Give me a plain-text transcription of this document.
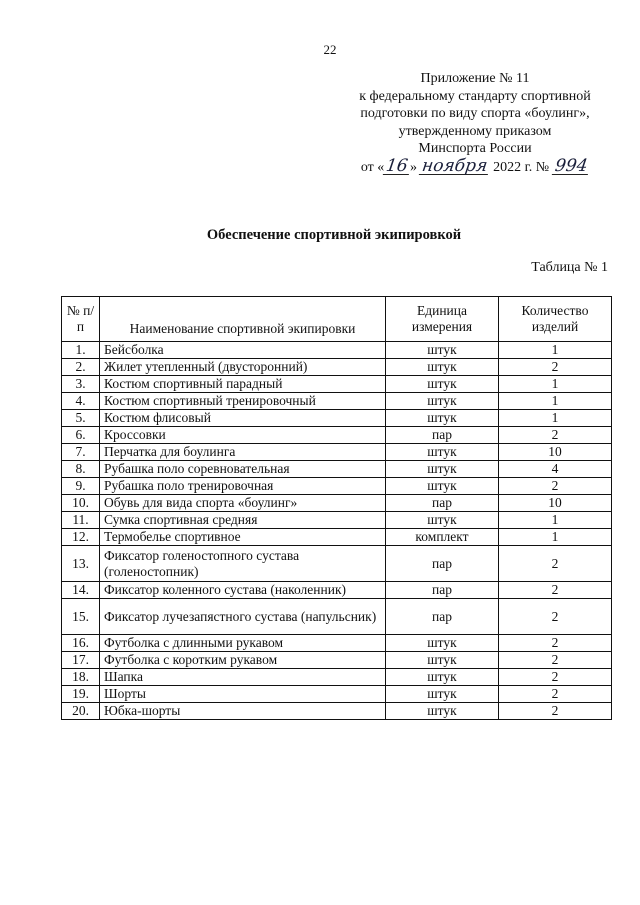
22
Приложение № 11
к федеральному стандарту спортивной
подготовки по виду спорта «боулинг»,
утвержденному приказом
Минспорта России
от «16» ноября 2022 г. № 994
Обеспечение спортивной экипировкой
Таблица № 1
№ п/п	Наименование спортивной экипировки	Единица измерения	Количество изделий
1.	Бейсболка	штук	1
2.	Жилет утепленный (двусторонний)	штук	2
3.	Костюм спортивный парадный	штук	1
4.	Костюм спортивный тренировочный	штук	1
5.	Костюм флисовый	штук	1
6.	Кроссовки	пар	2
7.	Перчатка для боулинга	штук	10
8.	Рубашка поло соревновательная	штук	4
9.	Рубашка поло тренировочная	штук	2
10.	Обувь для вида спорта «боулинг»	пар	10
11.	Сумка спортивная средняя	штук	1
12.	Термобелье спортивное	комплект	1
13.	Фиксатор голеностопного сустава (голеностопник)	пар	2
14.	Фиксатор коленного сустава (наколенник)	пар	2
15.	Фиксатор лучезапястного сустава (напульсник)	пар	2
16.	Футболка с длинными рукавом	штук	2
17.	Футболка с коротким рукавом	штук	2
18.	Шапка	штук	2
19.	Шорты	штук	2
20.	Юбка-шорты	штук	2
